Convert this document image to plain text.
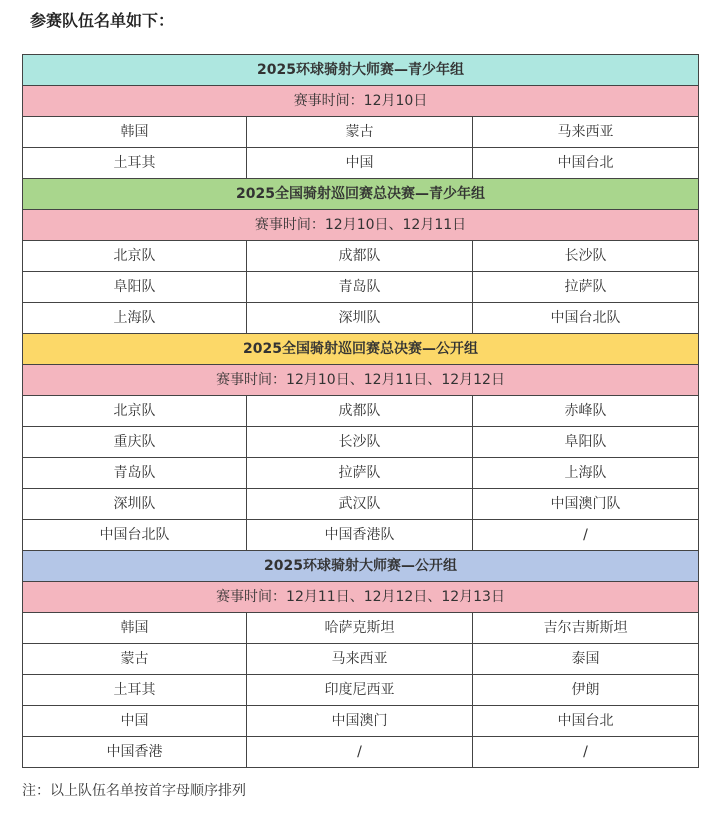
参赛队伍名单如下：
2025环球骑射大师赛—青少年组		
赛事时间：12月10日		
韩国	蒙古	马来西亚
土耳其	中国	中国台北
2025全国骑射巡回赛总决赛—青少年组		
赛事时间：12月10日、12月11日		
北京队	成都队	长沙队
阜阳队	青岛队	拉萨队
上海队	深圳队	中国台北队
2025全国骑射巡回赛总决赛—公开组		
赛事时间：12月10日、12月11日、12月12日		
北京队	成都队	赤峰队
重庆队	长沙队	阜阳队
青岛队	拉萨队	上海队
深圳队	武汉队	中国澳门队
中国台北队	中国香港队	/
2025环球骑射大师赛—公开组		
赛事时间：12月11日、12月12日、12月13日		
韩国	哈萨克斯坦	吉尔吉斯斯坦
蒙古	马来西亚	泰国
土耳其	印度尼西亚	伊朗
中国	中国澳门	中国台北
中国香港	/	/
注：以上队伍名单按首字母顺序排列
